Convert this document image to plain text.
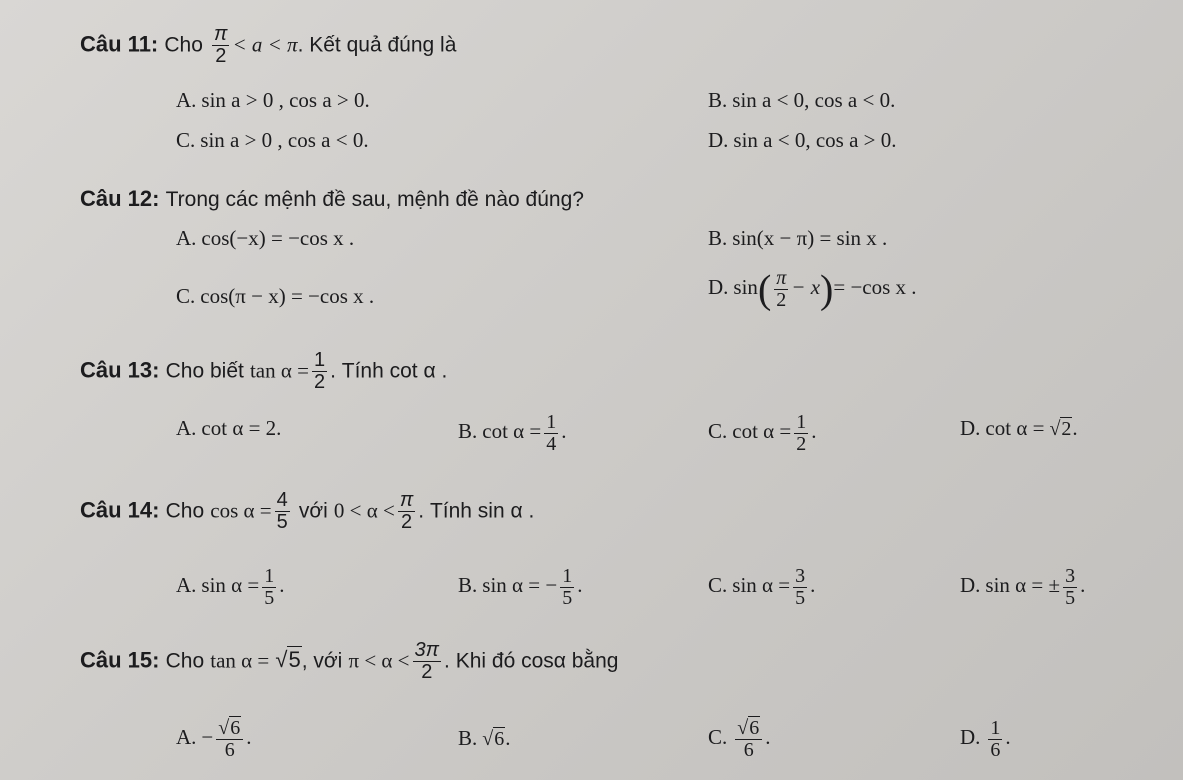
Câu 11: Cho $\frac{\pi}{2} < a < \pi$. Kết quả đúng là
A. sin a > 0 , cos a > 0.	B. sin a < 0, cos a < 0.
C. sin a > 0 , cos a < 0.	D. sin a < 0, cos a > 0.
Câu 12: Trong các mệnh đề sau, mệnh đề nào đúng?
A. cos(−x) = −cos x .	B. sin(x − π) = sin x .
C. cos(π − x) = −cos x .	D. $\sin( \frac{\pi}{2} - x)= -\cos$ x .
Câu 13: Cho biết $\tan \alpha = \frac{1}{2}$ . Tính cot α .
A. cot α = 2.	B. $\cot \alpha = \frac{1}{4}$ .	C. $\cot \alpha = \frac{1}{2}$ .	D. cot α = √2.
Câu 14: Cho $\cos \alpha = \frac{4}{5}$ với $0 < \alpha < \frac{\pi}{2}$ . Tính sin α .
A. $\sin \alpha = \frac{1}{5}$ .	B. sin α = − $\frac{1}{5}$ .	C. $\sin \alpha = \frac{3}{5}$ .	D. sin α = ± $\frac{3}{5}$ .
Câu 15: Cho tan α = √5, với $\pi < \alpha < \frac{3\pi}{2}$ . Khi đó cosα bằng
A. − $\frac{√6}{6}$ .	B. √6.	C. $\frac{√6}{6}$ .	D. $\frac{1}{6}$ .
